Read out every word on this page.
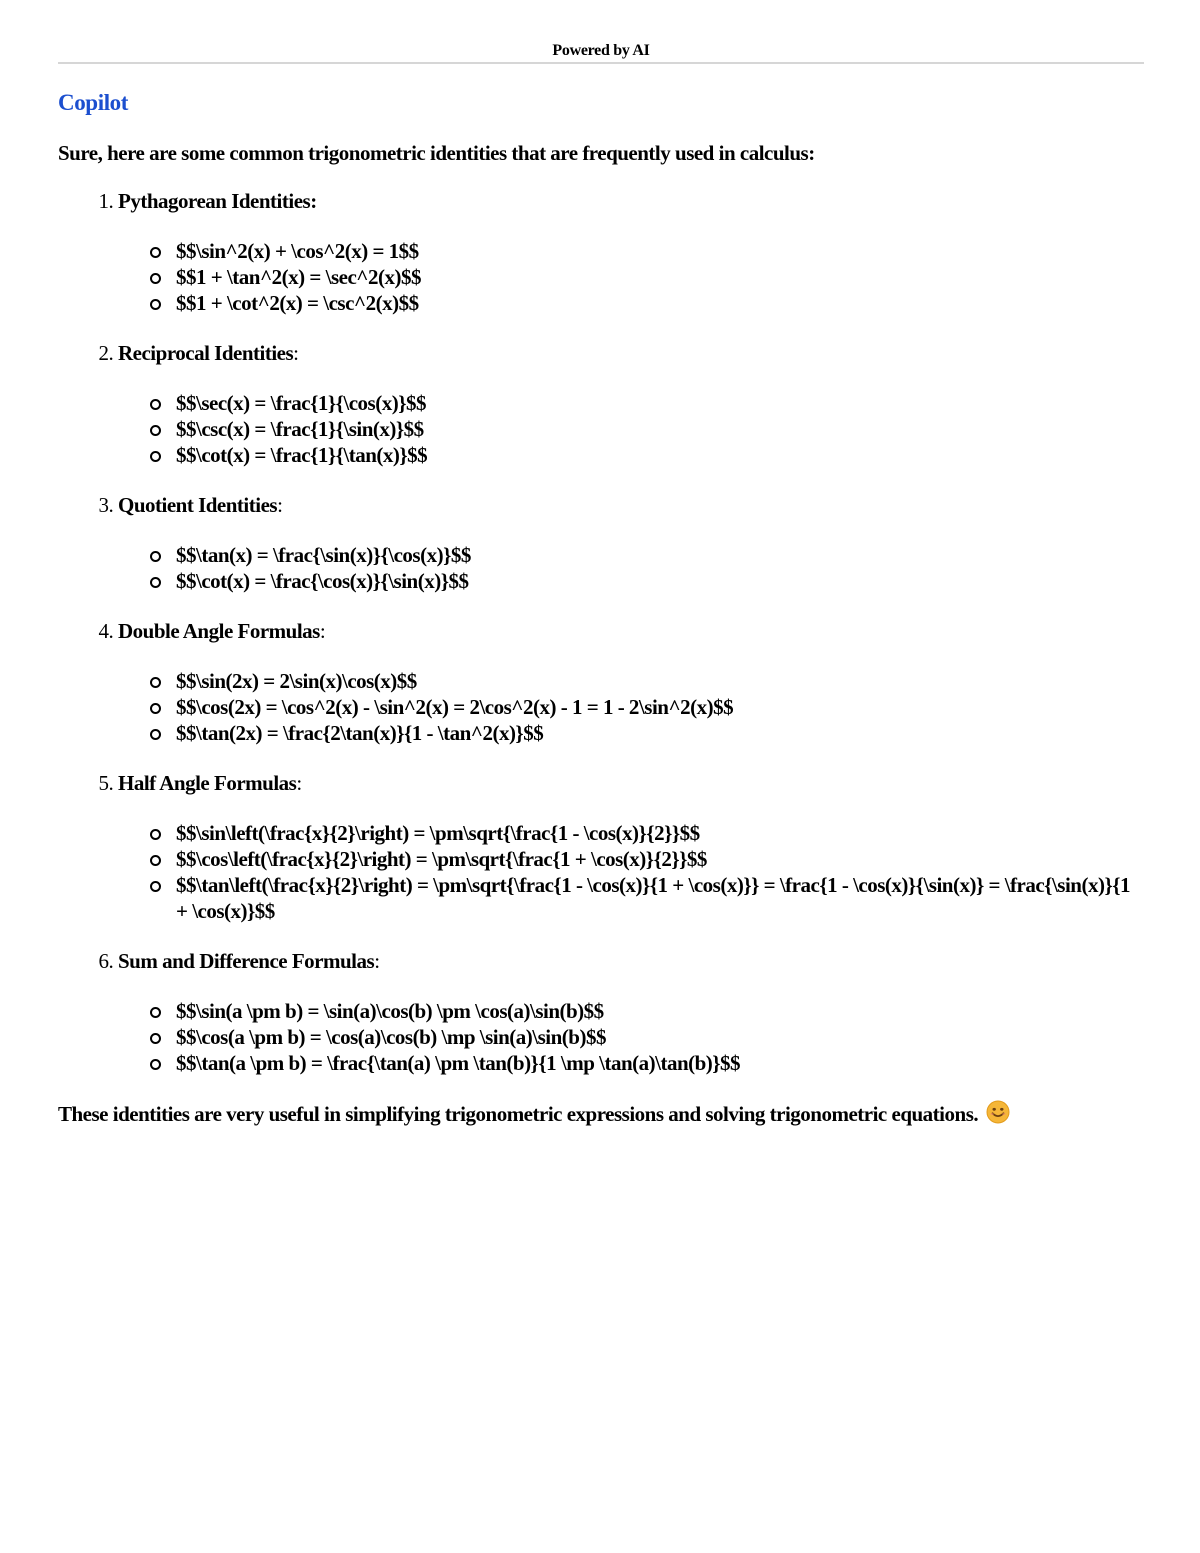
Powered by AI
Copilot

Sure, here are some common trigonometric identities that are frequently used in calculus:

1. Pythagorean Identities:
$$\sin^2(x) + \cos^2(x) = 1$$
$$1 + \tan^2(x) = \sec^2(x)$$
$$1 + \cot^2(x) = \csc^2(x)$$
2. Reciprocal Identities:
$$\sec(x) = \frac{1}{\cos(x)}$$
$$\csc(x) = \frac{1}{\sin(x)}$$
$$\cot(x) = \frac{1}{\tan(x)}$$
3. Quotient Identities:
$$\tan(x) = \frac{\sin(x)}{\cos(x)}$$
$$\cot(x) = \frac{\cos(x)}{\sin(x)}$$
4. Double Angle Formulas:
$$\sin(2x) = 2\sin(x)\cos(x)$$
$$\cos(2x) = \cos^2(x) - \sin^2(x) = 2\cos^2(x) - 1 = 1 - 2\sin^2(x)$$
$$\tan(2x) = \frac{2\tan(x)}{1 - \tan^2(x)}$$
5. Half Angle Formulas:
$$\sin\left(\frac{x}{2}\right) = \pm\sqrt{\frac{1 - \cos(x)}{2}}$$
$$\cos\left(\frac{x}{2}\right) = \pm\sqrt{\frac{1 + \cos(x)}{2}}$$
$$\tan\left(\frac{x}{2}\right) = \pm\sqrt{\frac{1 - \cos(x)}{1 + \cos(x)}} = \frac{1 - \cos(x)}{\sin(x)} = \frac{\sin(x)}{1 + \cos(x)}$$
6. Sum and Difference Formulas:
$$\sin(a \pm b) = \sin(a)\cos(b) \pm \cos(a)\sin(b)$$
$$\cos(a \pm b) = \cos(a)\cos(b) \mp \sin(a)\sin(b)$$
$$\tan(a \pm b) = \frac{\tan(a) \pm \tan(b)}{1 \mp \tan(a)\tan(b)}$$

These identities are very useful in simplifying trigonometric expressions and solving trigonometric equations.
